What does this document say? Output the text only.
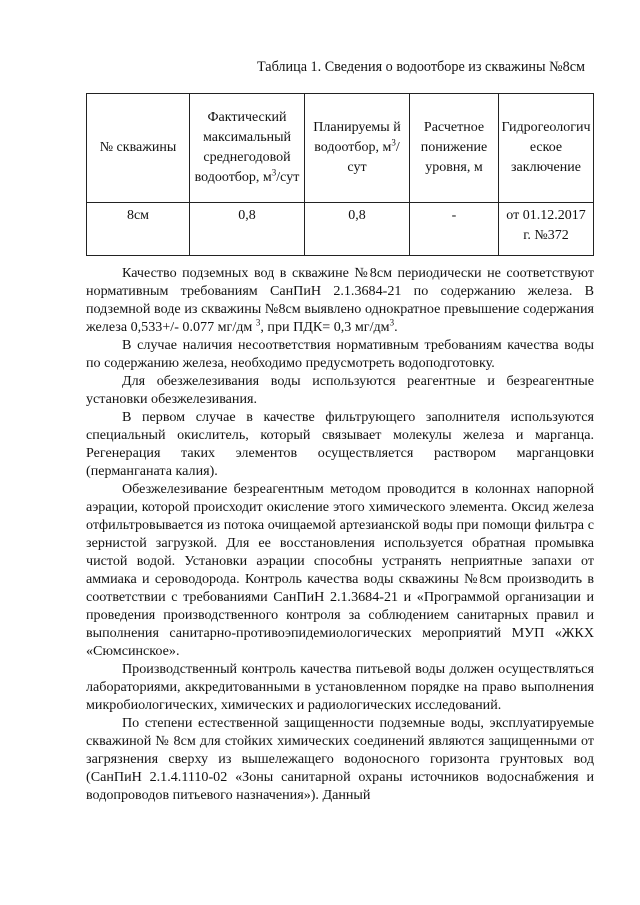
Таблица 1. Сведения о водоотборе из скважины №8см
№ скважины	Фактический максимальный среднегодовой водоотбор, $м^3$/сут	Планируемы й водоотбор, $м^3$/сут	Расчетное понижение уровня, м	Гидрогеологич еское заключение
8см	0,8	0,8	-	от 01.12.2017 г. №372

Качество подземных вод в скважине №8см периодически не соответствуют нормативным требованиям СанПиН 2.1.3684-21 по содержанию железа. В подземной воде из скважины №8см выявлено однократное превышение содержания железа 0,533+/- 0.077 мг/дм $^3$, при ПДК= 0,3 $мг/дм^3$.

В случае наличия несоответствия нормативным требованиям качества воды по содержанию железа, необходимо предусмотреть водоподготовку.

Для обезжелезивания воды используются реагентные и безреагентные установки обезжелезивания.

В первом случае в качестве фильтрующего заполнителя используются специальный окислитель, который связывает молекулы железа и марганца. Регенерация таких элементов осуществляется раствором марганцовки (перманганата калия).

Обезжелезивание безреагентным методом проводится в колоннах напорной аэрации, которой происходит окисление этого химического элемента. Оксид железа отфильтровывается из потока очищаемой артезианской воды при помощи фильтра с зернистой загрузкой. Для ее восстановления используется обратная промывка чистой водой. Установки аэрации способны устранять неприятные запахи от аммиака и сероводорода. Контроль качества воды скважины №8см производить в соответствии с требованиями СанПиН 2.1.3684-21 и «Программой организации и проведения производственного контроля за соблюдением санитарных правил и выполнения санитарно-противоэпидемиологических мероприятий МУП «ЖКХ «Сюмсинское».

Производственный контроль качества питьевой воды должен осуществляться лабораториями, аккредитованными в установленном порядке на право выполнения микробиологических, химических и радиологических исследований.

По степени естественной защищенности подземные воды, эксплуатируемые скважиной № 8см для стойких химических соединений являются защищенными от загрязнения сверху из вышележащего водоносного горизонта грунтовых вод (СанПиН 2.1.4.1110-02 «Зоны санитарной охраны источников водоснабжения и водопроводов питьевого назначения»). Данный
